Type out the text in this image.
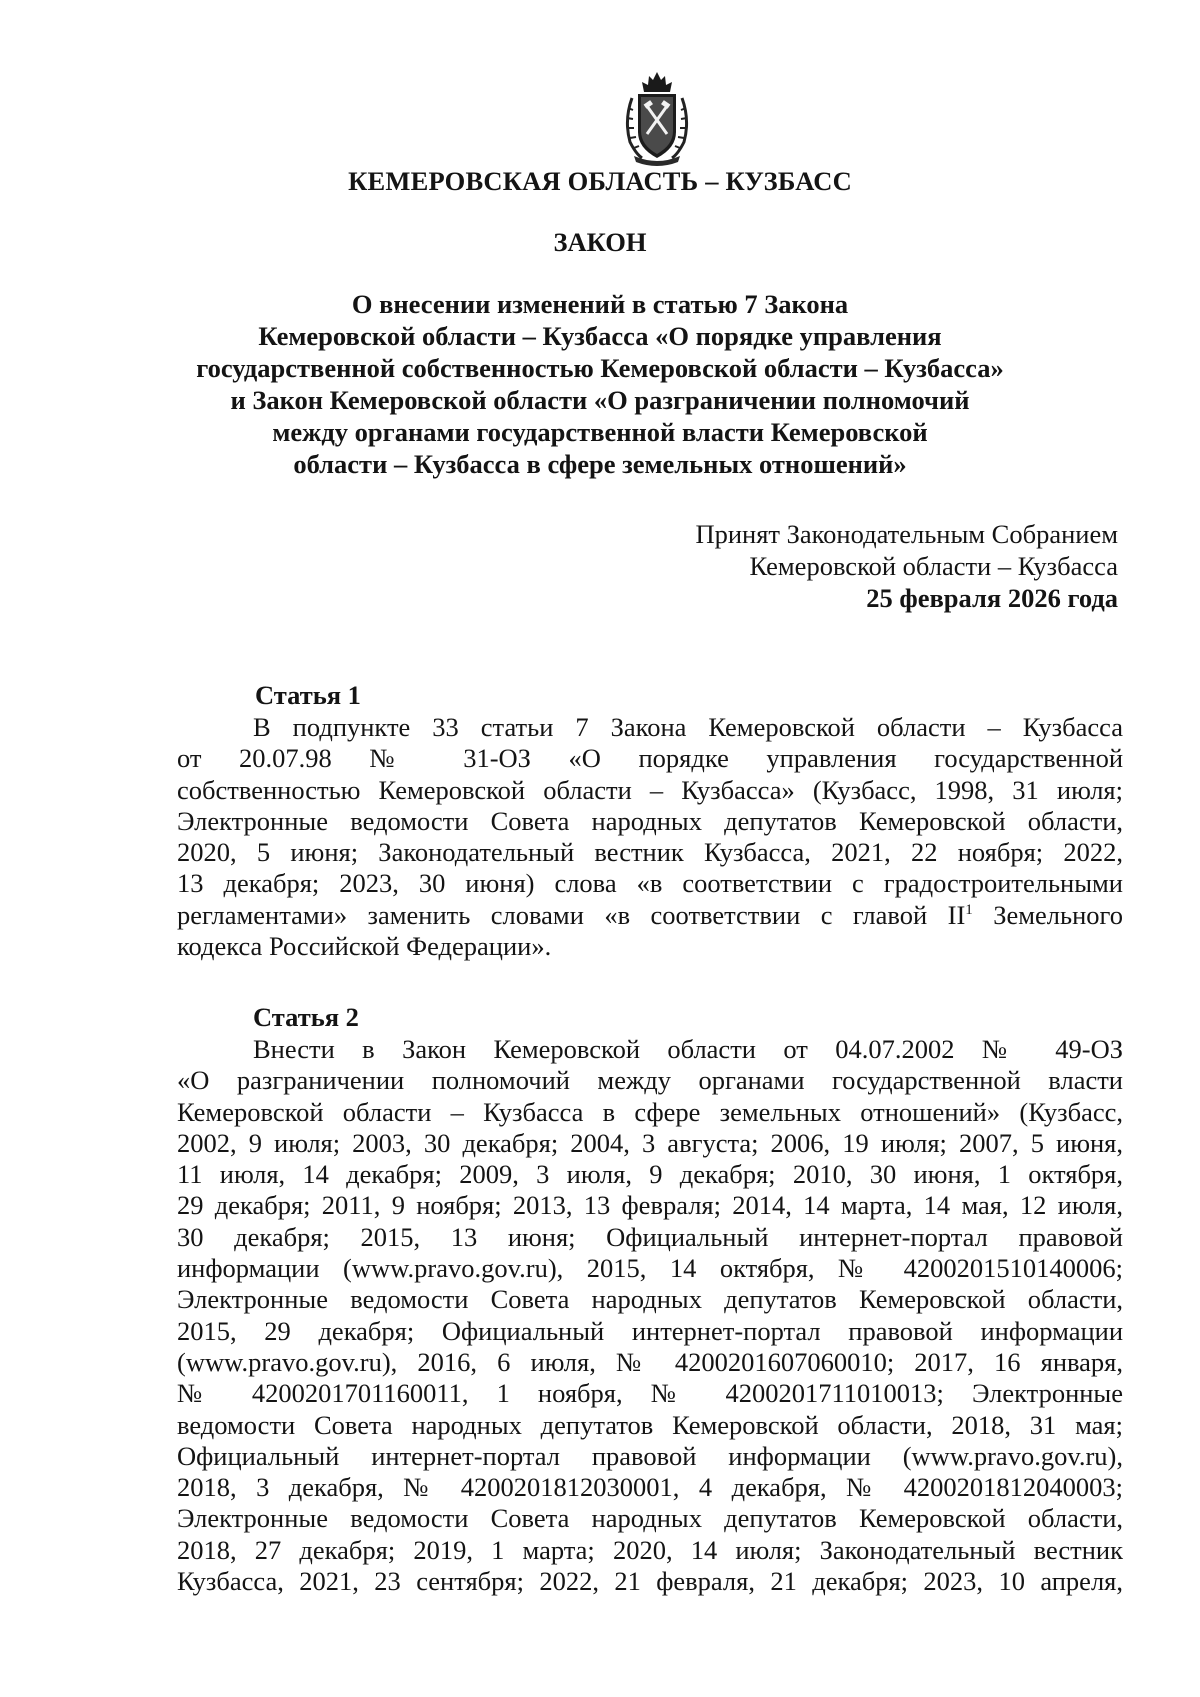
КЕМЕРОВСКАЯ ОБЛАСТЬ – КУЗБАСС
ЗАКОН
О внесении изменений в статью 7 Закона
Кемеровской области – Кузбасса «О порядке управления
государственной собственностью Кемеровской области – Кузбасса»
и Закон Кемеровской области «О разграничении полномочий
между органами государственной власти Кемеровской
области – Кузбасса в сфере земельных отношений»
Принят Законодательным Собранием
Кемеровской области – Кузбасса
25 февраля 2026 года
Статья 1
В подпункте 33 статьи 7 Закона Кемеровской области – Кузбасса
от 20.07.98 № 31-ОЗ «О порядке управления государственной
собственностью Кемеровской области – Кузбасса» (Кузбасс, 1998, 31 июля;
Электронные ведомости Совета народных депутатов Кемеровской области,
2020, 5 июня; Законодательный вестник Кузбасса, 2021, 22 ноября; 2022,
13 декабря; 2023, 30 июня) слова «в соответствии с градостроительными
регламентами» заменить словами «в соответствии с главой $II^1$ Земельного
кодекса Российской Федерации».
Статья 2
Внести в Закон Кемеровской области от 04.07.2002 № 49-ОЗ
«О разграничении полномочий между органами государственной власти
Кемеровской области – Кузбасса в сфере земельных отношений» (Кузбасс,
2002, 9 июля; 2003, 30 декабря; 2004, 3 августа; 2006, 19 июля; 2007, 5 июня,
11 июля, 14 декабря; 2009, 3 июля, 9 декабря; 2010, 30 июня, 1 октября,
29 декабря; 2011, 9 ноября; 2013, 13 февраля; 2014, 14 марта, 14 мая, 12 июля,
30 декабря; 2015, 13 июня; Официальный интернет-портал правовой
информации (www.pravo.gov.ru), 2015, 14 октября, № 4200201510140006;
Электронные ведомости Совета народных депутатов Кемеровской области,
2015, 29 декабря; Официальный интернет-портал правовой информации
(www.pravo.gov.ru), 2016, 6 июля, № 4200201607060010; 2017, 16 января,
№ 4200201701160011, 1 ноября, № 4200201711010013; Электронные
ведомости Совета народных депутатов Кемеровской области, 2018, 31 мая;
Официальный интернет-портал правовой информации (www.pravo.gov.ru),
2018, 3 декабря, № 4200201812030001, 4 декабря, № 4200201812040003;
Электронные ведомости Совета народных депутатов Кемеровской области,
2018, 27 декабря; 2019, 1 марта; 2020, 14 июля; Законодательный вестник
Кузбасса, 2021, 23 сентября; 2022, 21 февраля, 21 декабря; 2023, 10 апреля,
